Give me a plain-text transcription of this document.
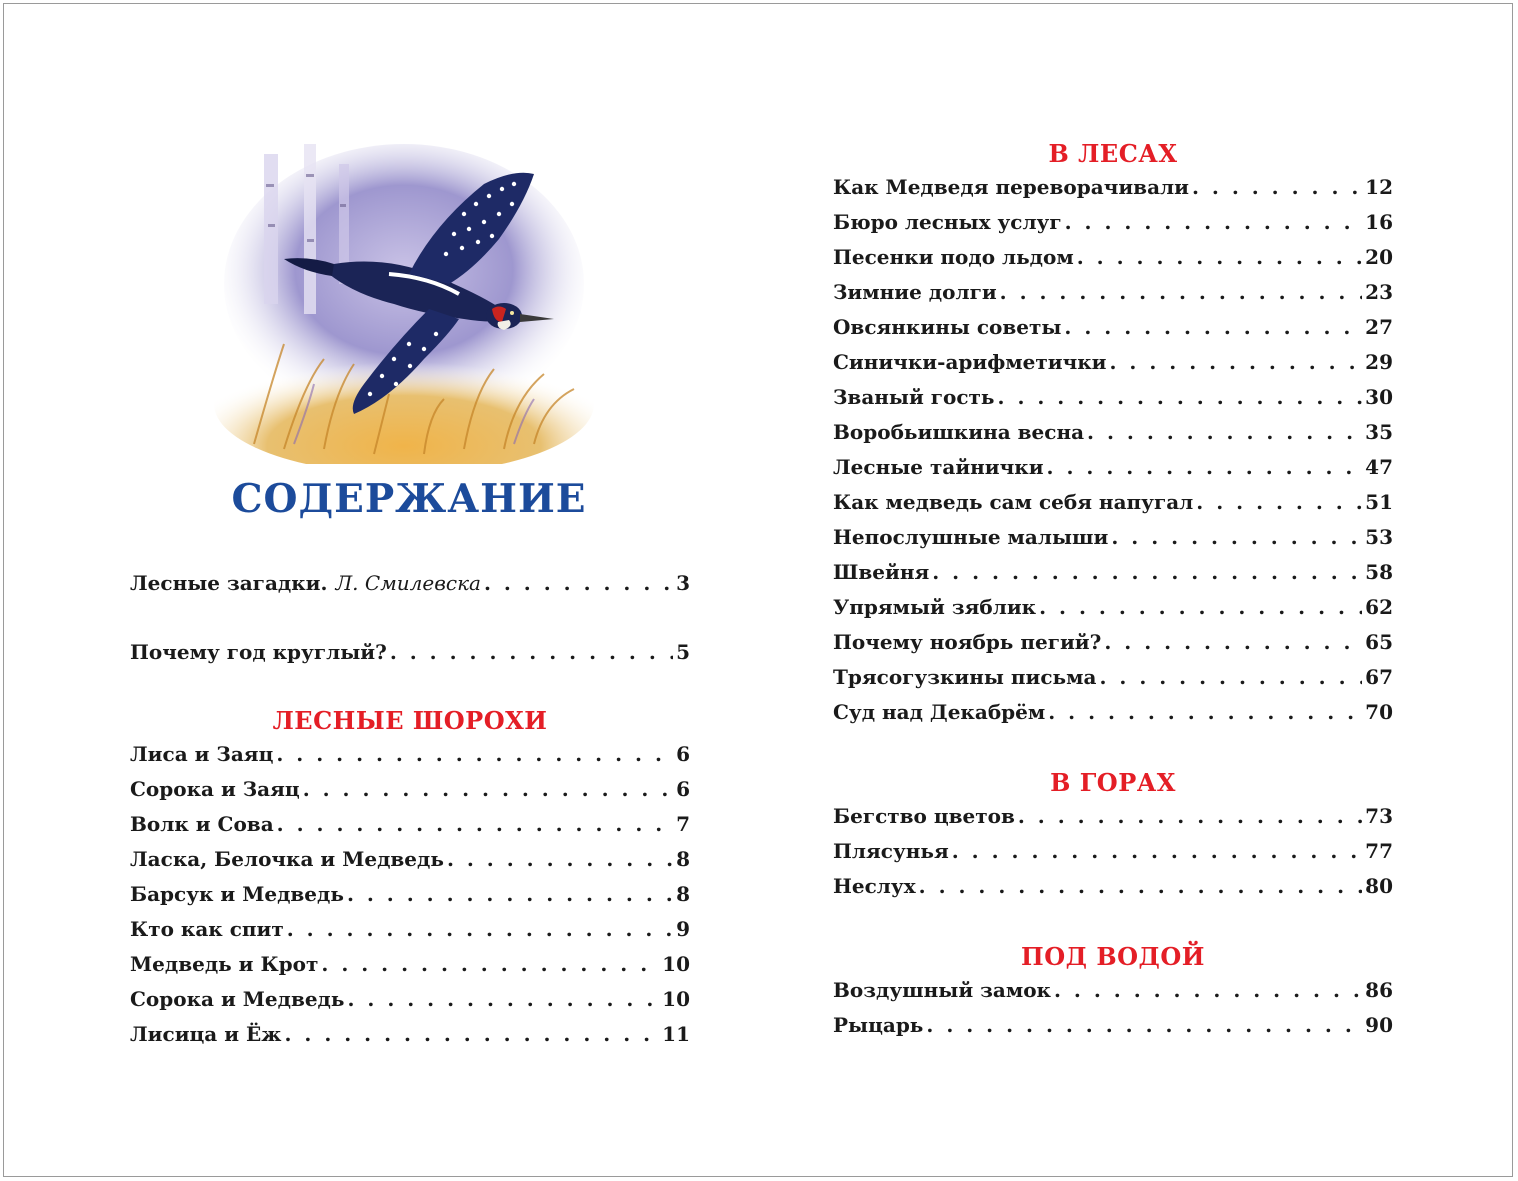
СОДЕРЖАНИЕ
Лесные загадки. Л. Смилевска . . .	3
Почему год круглый? . . .	5
ЛЕСНЫЕ ШОРОХИ
Лиса и Заяц . . .	6
Сорока и Заяц . . .	6
Волк и Сова . . .	7
Ласка, Белочка и Медведь . . .	8
Барсук и Медведь . . .	8
Кто как спит . . .	9
Медведь и Крот . . .	10
Сорока и Медведь . . .	10
Лисица и Ёж . . .	11
В ЛЕСАХ
Как Медведя переворачивали . . .	12
Бюро лесных услуг . . .	16
Песенки подо льдом . . .	20
Зимние долги . . .	23
Овсянкины советы . . .	27
Синички-арифметички . . .	29
Званый гость . . .	30
Воробьишкина весна . . .	35
Лесные тайнички . . .	47
Как медведь сам себя напугал . . .	51
Непослушные малыши . . .	53
Швейня . . .	58
Упрямый зяблик . . .	62
Почему ноябрь пегий? . . .	65
Трясогузкины письма . . .	67
Суд над Декабрём . . .	70
В ГОРАХ
Бегство цветов . . .	73
Плясунья . . .	77
Неслух . . .	80
ПОД ВОДОЙ
Воздушный замок . . .	86
Рыцарь . . .	90
